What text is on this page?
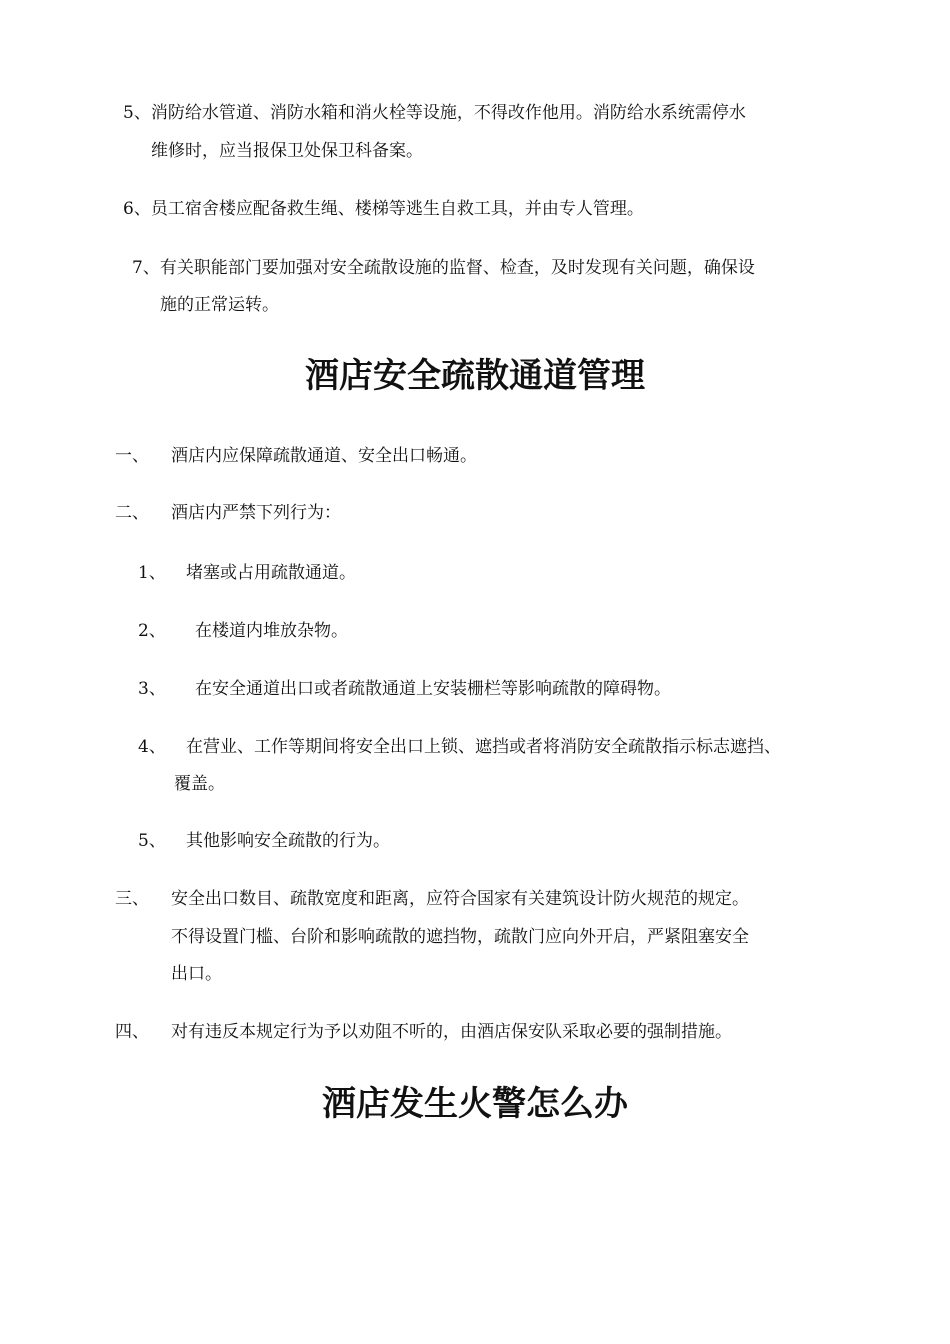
5、消防给水管道、消防水箱和消火栓等设施，不得改作他用。消防给水系统需停水
维修时，应当报保卫处保卫科备案。
6、员工宿舍楼应配备救生绳、楼梯等逃生自救工具，并由专人管理。
7、有关职能部门要加强对安全疏散设施的监督、检查，及时发现有关问题，确保设
施的正常运转。
酒店安全疏散通道管理
一、 酒店内应保障疏散通道、安全出口畅通。
二、 酒店内严禁下列行为：
1、 堵塞或占用疏散通道。
2、 在楼道内堆放杂物。
3、 在安全通道出口或者疏散通道上安装栅栏等影响疏散的障碍物。
4、 在营业、工作等期间将安全出口上锁、遮挡或者将消防安全疏散指示标志遮挡、
覆盖。
5、 其他影响安全疏散的行为。
三、 安全出口数目、疏散宽度和距离，应符合国家有关建筑设计防火规范的规定。
不得设置门槛、台阶和影响疏散的遮挡物，疏散门应向外开启，严紧阻塞安全
出口。
四、 对有违反本规定行为予以劝阻不听的，由酒店保安队采取必要的强制措施。
酒店发生火警怎么办
